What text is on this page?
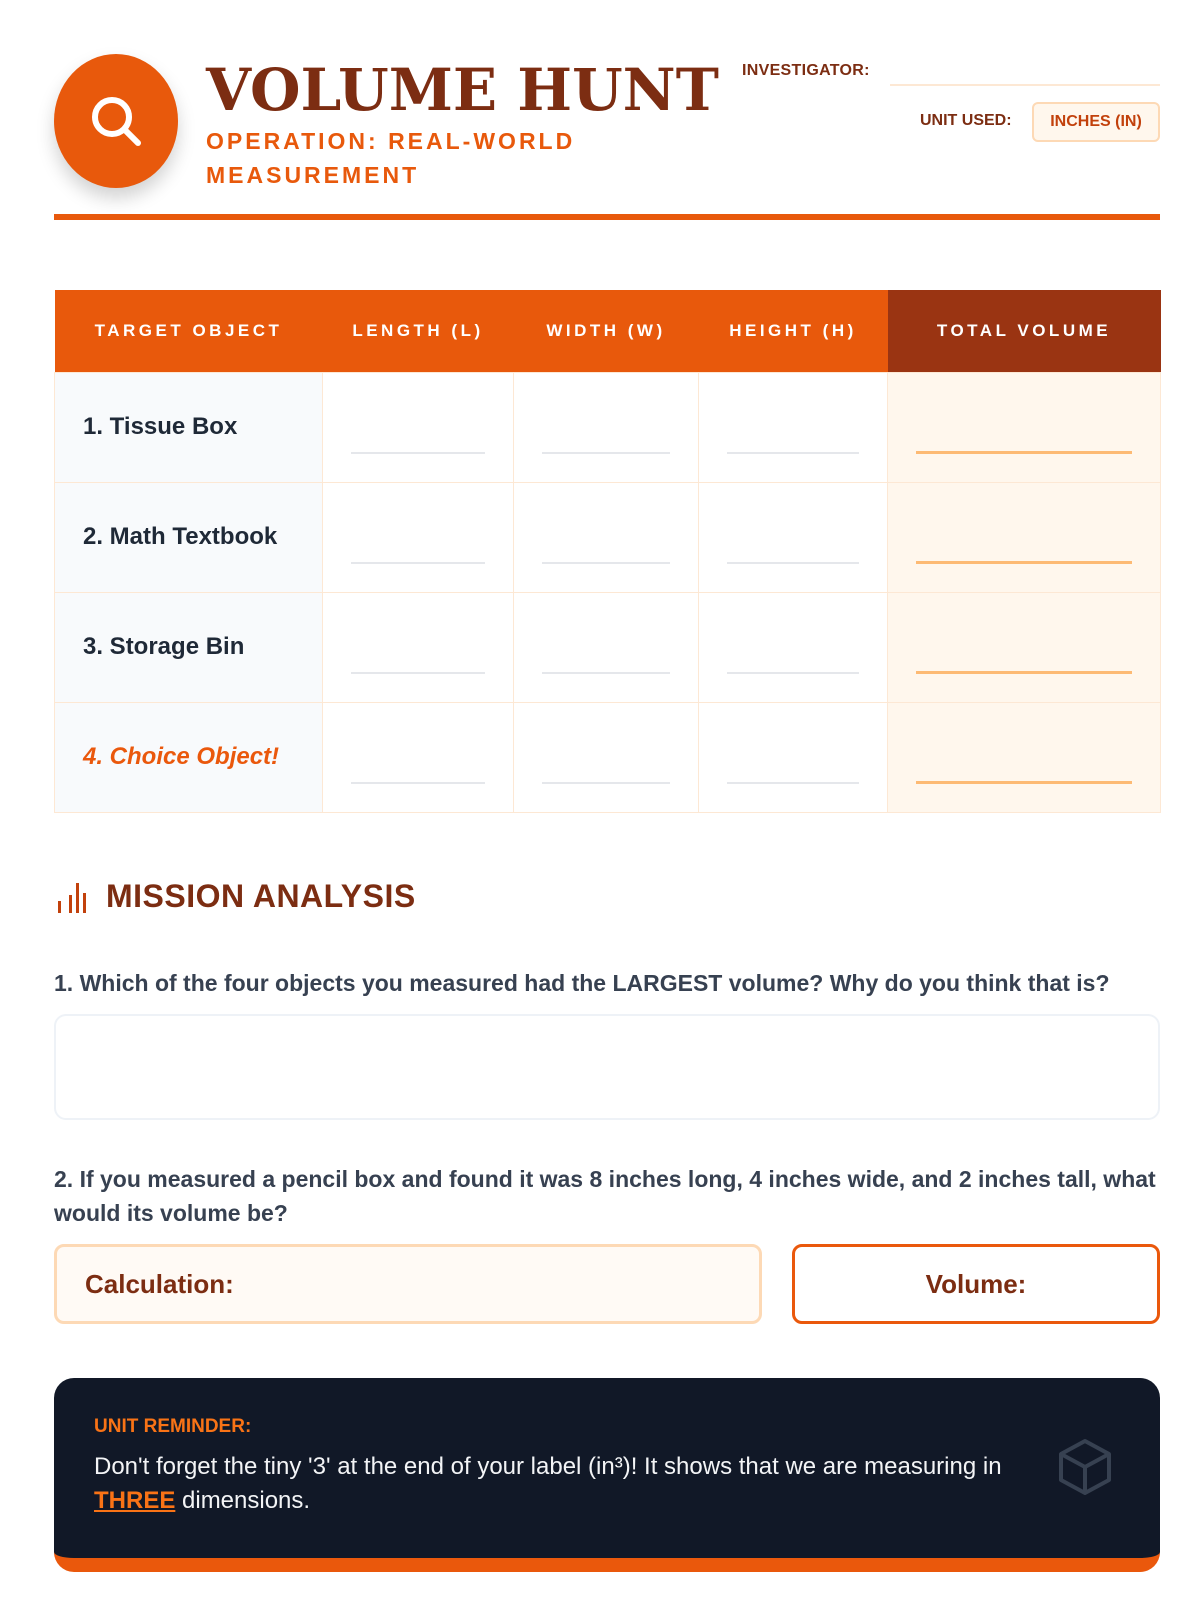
VOLUME HUNT
OPERATION: REAL-WORLD MEASUREMENT
INVESTIGATOR:
UNIT USED:	INCHES (IN)
TARGET OBJECT	LENGTH (L)	WIDTH (W)	HEIGHT (H)	TOTAL VOLUME
1. Tissue Box	

2. Math Textbook	

3. Storage Bin	

4. Choice Object!	

MISSION ANALYSIS
1. Which of the four objects you measured had the LARGEST volume? Why do you think that is?
2. If you measured a pencil box and found it was 8 inches long, 4 inches wide, and 2 inches tall, what would its volume be?
Calculation:	Volume:
UNIT REMINDER:
Don't forget the tiny '3' at the end of your label (in³)! It shows that we are measuring in THREE dimensions.
